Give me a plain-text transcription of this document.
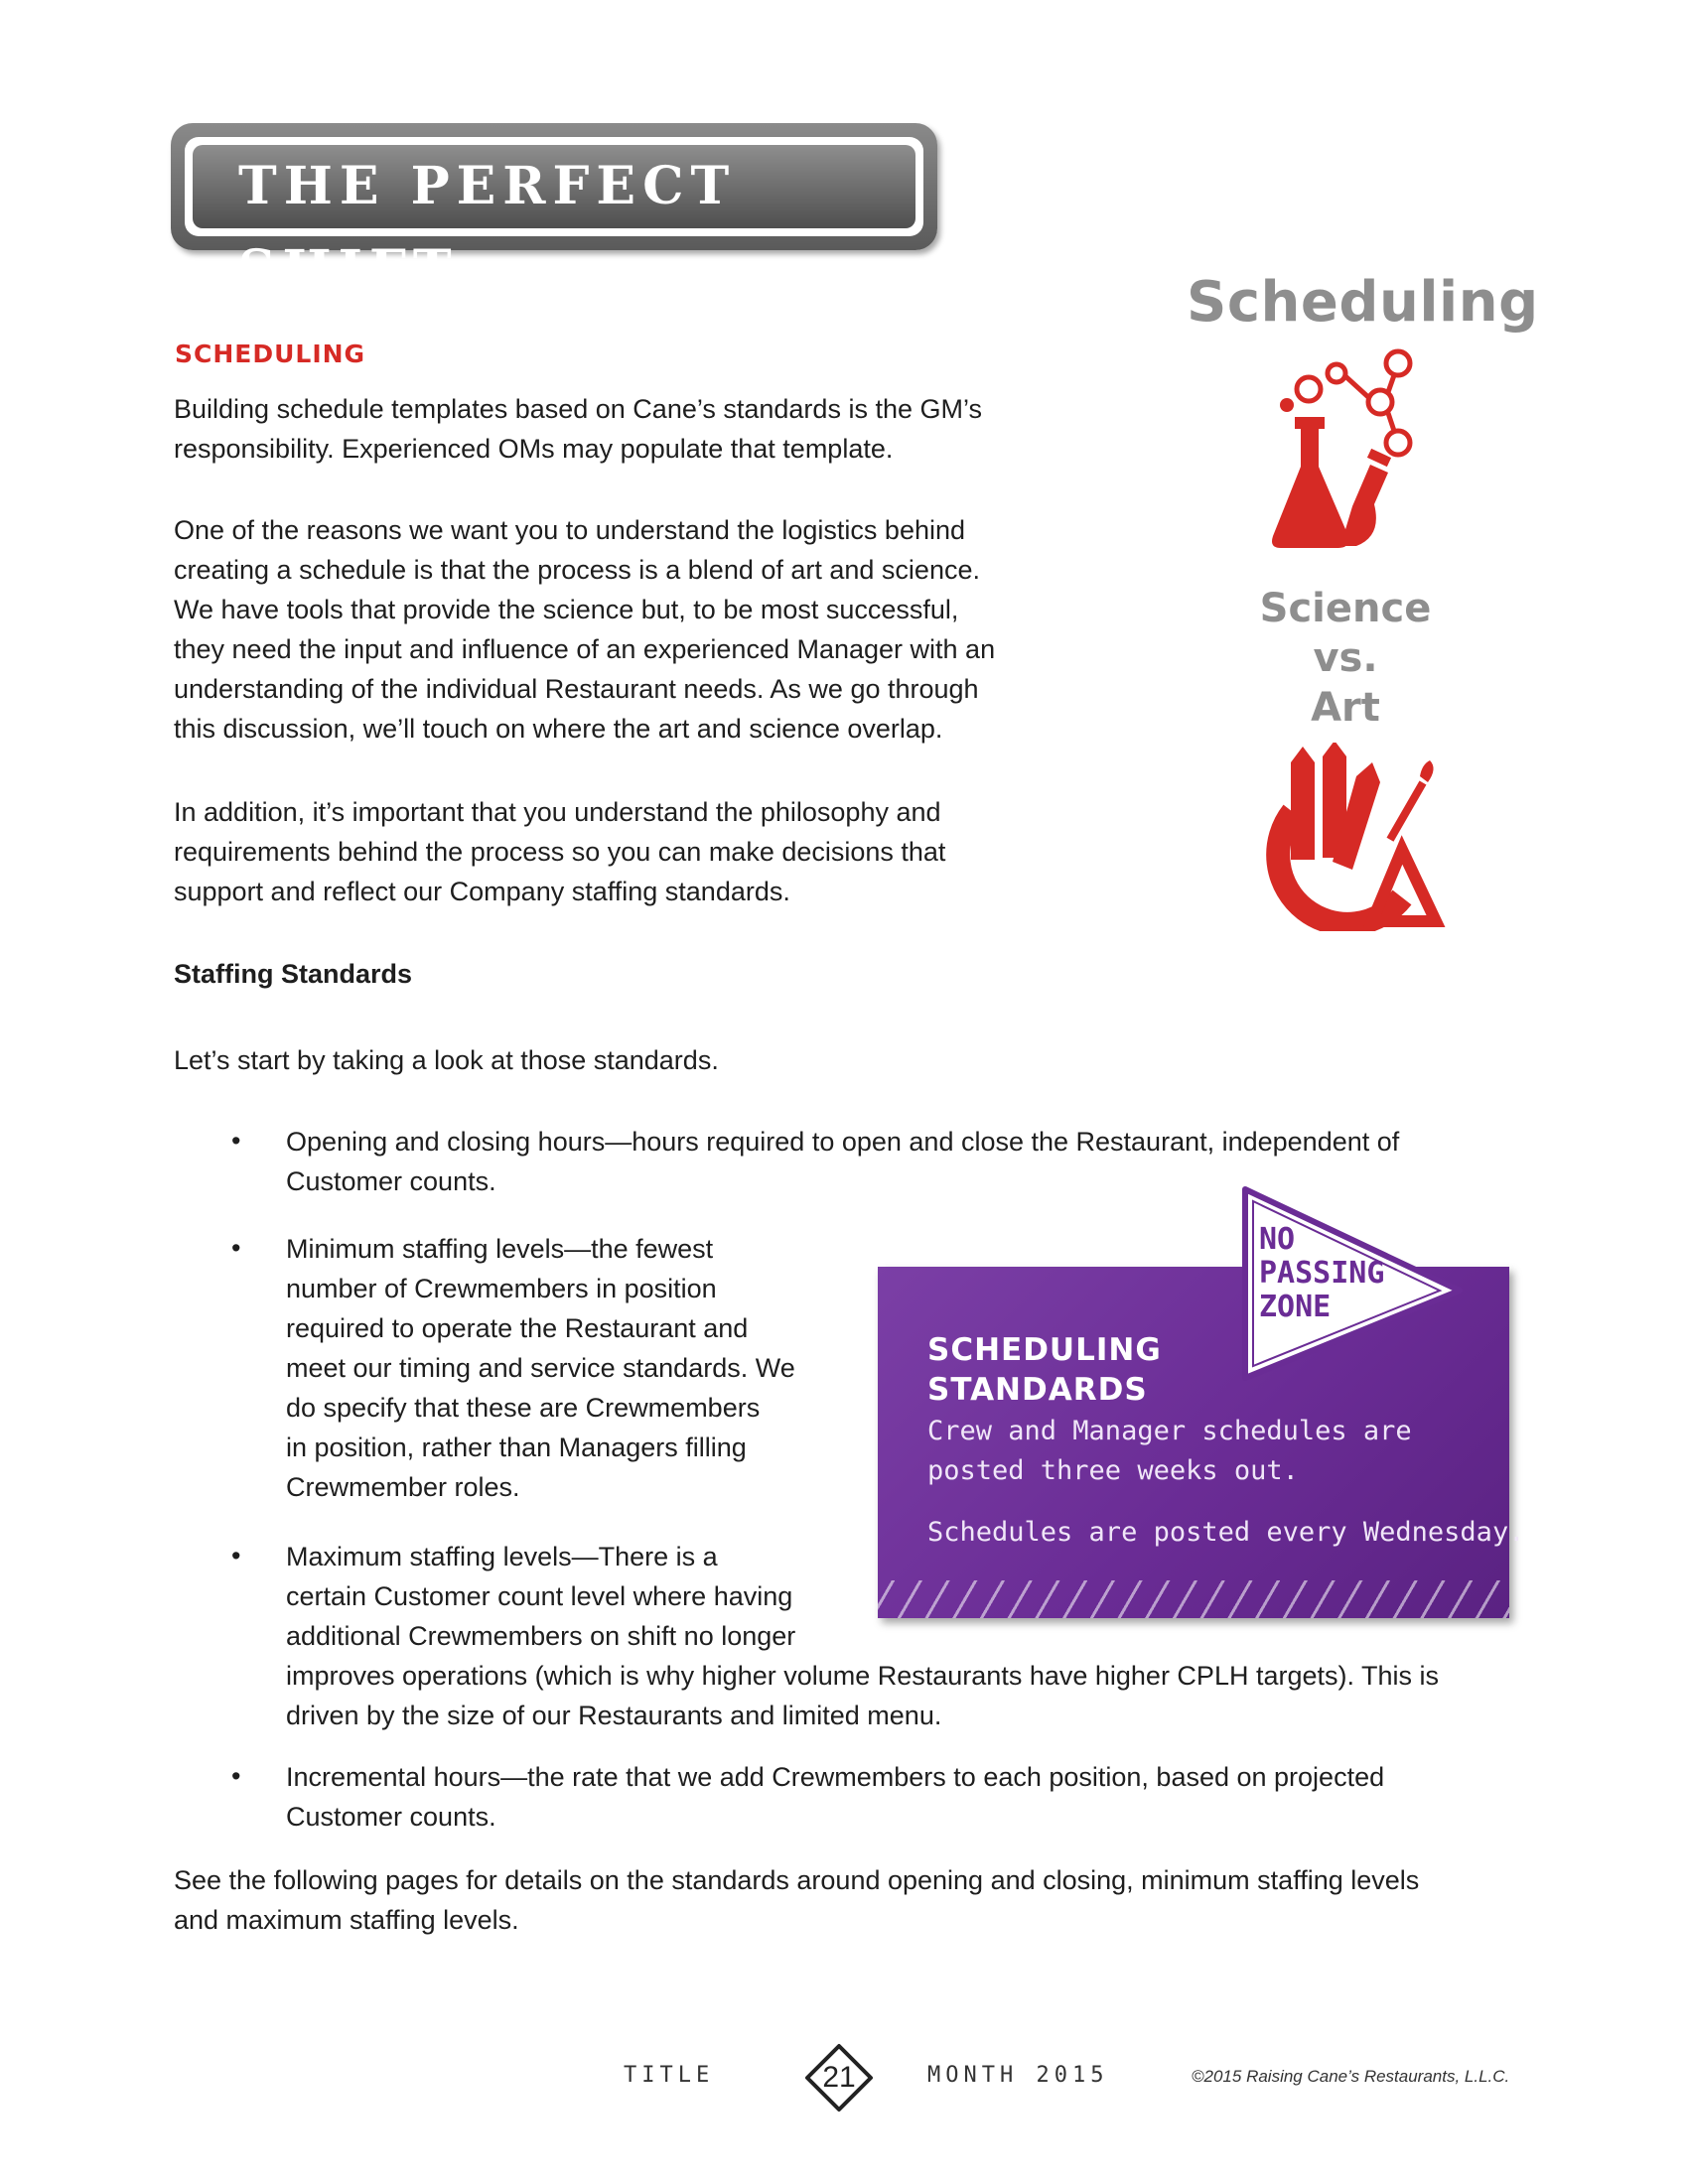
THE PERFECT SHIFT
SCHEDULING
Building schedule templates based on Cane’s standards is the GM’s
responsibility. Experienced OMs may populate that template.
One of the reasons we want you to understand the logistics behind
creating a schedule is that the process is a blend of art and science.
We have tools that provide the science but, to be most successful,
they need the input and influence of an experienced Manager with an
understanding of the individual Restaurant needs. As we go through
this discussion, we’ll touch on where the art and science overlap.
In addition, it’s important that you understand the philosophy and
requirements behind the process so you can make decisions that
support and reflect our Company staffing standards.
Staffing Standards
Let’s start by taking a look at those standards.
• Opening and closing hours—hours required to open and close the Restaurant, independent of
Customer counts.
• Minimum staffing levels—the fewest
number of Crewmembers in position
required to operate the Restaurant and
meet our timing and service standards. We
do specify that these are Crewmembers
in position, rather than Managers filling
Crewmember roles.
• Maximum staffing levels—There is a
certain Customer count level where having
additional Crewmembers on shift no longer
improves operations (which is why higher volume Restaurants have higher CPLH targets). This is
driven by the size of our Restaurants and limited menu.
• Incremental hours—the rate that we add Crewmembers to each position, based on projected
Customer counts.
See the following pages for details on the standards around opening and closing, minimum staffing levels
and maximum staffing levels.
Scheduling
Science
vs.
Art
NO
PASSING
ZONE
SCHEDULING
STANDARDS
Crew and Manager schedules are
posted three weeks out.
Schedules are posted every Wednesday.
TITLE	21	MONTH 2015	©2015 Raising Cane’s Restaurants, L.L.C.
